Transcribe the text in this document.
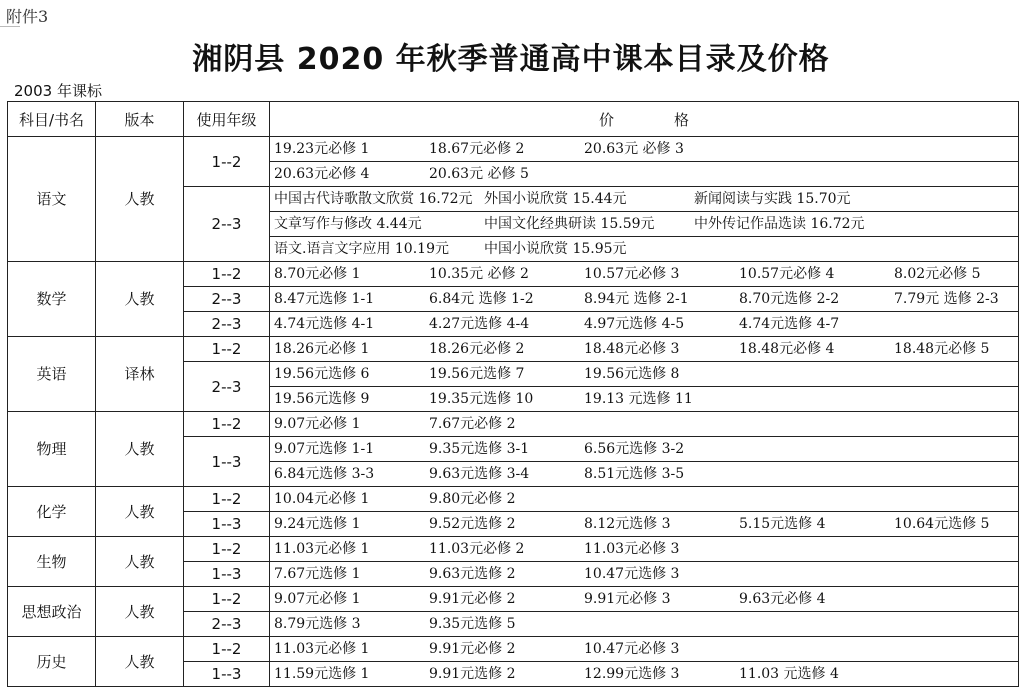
附件3
湘阴县 2020 年秋季普通高中课本目录及价格
2003 年课标
科目/书名	版本	使用年级	价　　　　格
语文	人教	1--2	19.23元必修 1 18.67元必修 2 20.63元 必修 3
			20.63元必修 4 20.63元 必修 5
		2--3	中国古代诗歌散文欣赏 16.72元 外国小说欣赏 15.44元 新闻阅读与实践 15.70元
			文章写作与修改 4.44元 中国文化经典研读 15.59元 中外传记作品选读 16.72元
			语文.语言文字应用 10.19元 中国小说欣赏 15.95元
数学	人教	1--2	8.70元必修 1 10.35元 必修 2 10.57元必修 3 10.57元必修 4 8.02元必修 5
		2--3	8.47元选修 1-1 6.84元 选修 1-2 8.94元 选修 2-1 8.70元选修 2-2 7.79元 选修 2-3
		2--3	4.74元选修 4-1 4.27元选修 4-4 4.97元选修 4-5 4.74元选修 4-7
英语	译林	1--2	18.26元必修 1 18.26元必修 2 18.48元必修 3 18.48元必修 4 18.48元必修 5
		2--3	19.56元选修 6 19.56元选修 7 19.56元选修 8
			19.56元选修 9 19.35元选修 10 19.13 元选修 11
物理	人教	1--2	9.07元必修 1 7.67元必修 2
		1--3	9.07元选修 1-1 9.35元选修 3-1 6.56元选修 3-2
			6.84元选修 3-3 9.63元选修 3-4 8.51元选修 3-5
化学	人教	1--2	10.04元必修 1 9.80元必修 2
		1--3	9.24元选修 1 9.52元选修 2 8.12元选修 3 5.15元选修 4 10.64元选修 5
生物	人教	1--2	11.03元必修 1 11.03元必修 2 11.03元必修 3
		1--3	7.67元选修 1 9.63元选修 2 10.47元选修 3
思想政治	人教	1--2	9.07元必修 1 9.91元必修 2 9.91元必修 3 9.63元必修 4
		2--3	8.79元选修 3 9.35元选修 5
历史	人教	1--2	11.03元必修 1 9.91元必修 2 10.47元必修 3
		1--3	11.59元选修 1 9.91元选修 2 12.99元选修 3 11.03 元选修 4
